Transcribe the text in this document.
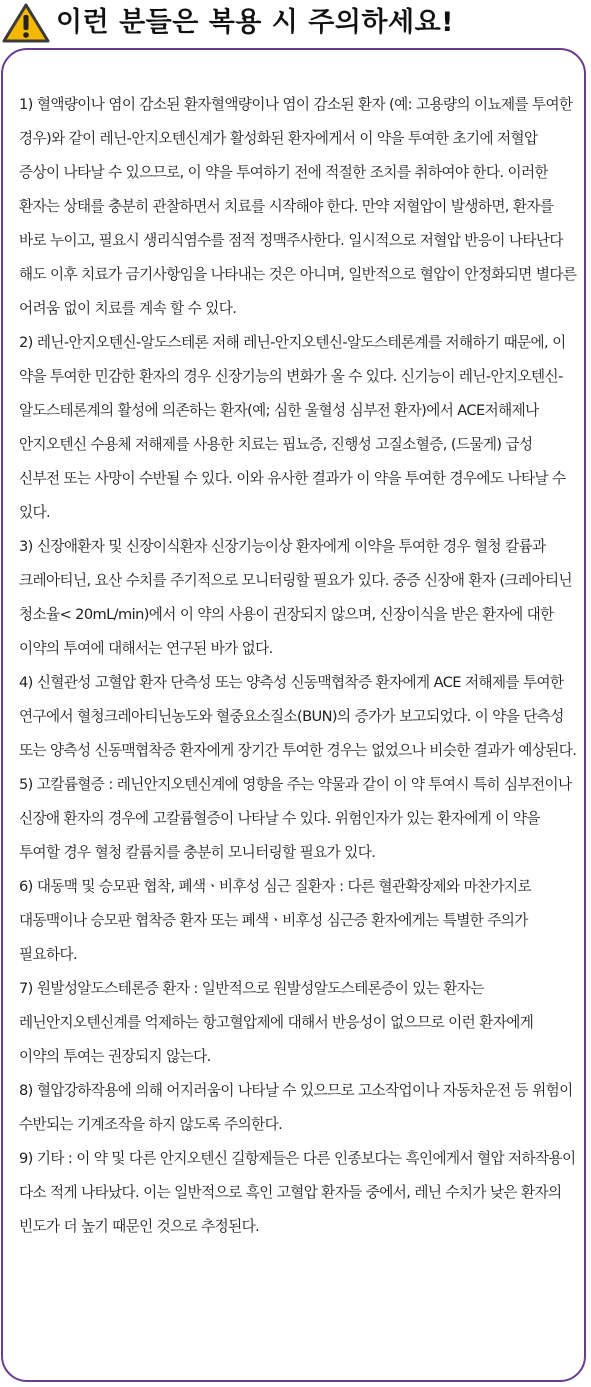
이런 분들은 복용 시 주의하세요!

1) 혈액량이나 염이 감소된 환자혈액량이나 염이 감소된 환자 (예: 고용량의 이뇨제를 투여한 경우)와 같이 레닌-안지오텐신계가 활성화된 환자에게서 이 약을 투여한 초기에 저혈압 증상이 나타날 수 있으므로, 이 약을 투여하기 전에 적절한 조치를 취하여야 한다. 이러한 환자는 상태를 충분히 관찰하면서 치료를 시작해야 한다. 만약 저혈압이 발생하면, 환자를 바로 누이고, 필요시 생리식염수를 점적 정맥주사한다. 일시적으로 저혈압 반응이 나타난다 해도 이후 치료가 금기사항임을 나타내는 것은 아니며, 일반적으로 혈압이 안정화되면 별다른 어려움 없이 치료를 계속 할 수 있다.

2) 레닌-안지오텐신-알도스테론 저해 레닌-안지오텐신-알도스테론계를 저해하기 때문에, 이 약을 투여한 민감한 환자의 경우 신장기능의 변화가 올 수 있다. 신기능이 레닌-안지오텐신-알도스테론계의 활성에 의존하는 환자(예; 심한 울혈성 심부전 환자)에서 ACE저해제나 안지오텐신 수용체 저해제를 사용한 치료는 핍뇨증, 진행성 고질소혈증, (드물게) 급성 신부전 또는 사망이 수반될 수 있다. 이와 유사한 결과가 이 약을 투여한 경우에도 나타날 수 있다.

3) 신장애환자 및 신장이식환자 신장기능이상 환자에게 이약을 투여한 경우 혈청 칼륨과 크레아티닌, 요산 수치를 주기적으로 모니터링할 필요가 있다. 중증 신장애 환자 (크레아티닌 청소율< 20mL/min)에서 이 약의 사용이 권장되지 않으며, 신장이식을 받은 환자에 대한 이약의 투여에 대해서는 연구된 바가 없다.

4) 신혈관성 고혈압 환자 단측성 또는 양측성 신동맥협착증 환자에게 ACE 저해제를 투여한 연구에서 혈청크레아티닌농도와 혈중요소질소(BUN)의 증가가 보고되었다. 이 약을 단측성 또는 양측성 신동맥협착증 환자에게 장기간 투여한 경우는 없었으나 비슷한 결과가 예상된다.

5) 고칼륨혈증 : 레닌안지오텐신계에 영향을 주는 약물과 같이 이 약 투여시 특히 심부전이나 신장애 환자의 경우에 고칼륨혈증이 나타날 수 있다. 위험인자가 있는 환자에게 이 약을 투여할 경우 혈청 칼륨치를 충분히 모니터링할 필요가 있다.

6) 대동맥 및 승모판 협착, 폐색ㆍ비후성 심근 질환자 : 다른 혈관확장제와 마찬가지로 대동맥이나 승모판 협착증 환자 또는 폐색ㆍ비후성 심근증 환자에게는 특별한 주의가 필요하다.

7) 원발성알도스테론증 환자 : 일반적으로 원발성알도스테론증이 있는 환자는 레닌안지오텐신계를 억제하는 항고혈압제에 대해서 반응성이 없으므로 이런 환자에게 이약의 투여는 권장되지 않는다.

8) 혈압강하작용에 의해 어지러움이 나타날 수 있으므로 고소작업이나 자동차운전 등 위험이 수반되는 기계조작을 하지 않도록 주의한다.

9) 기타 : 이 약 및 다른 안지오텐신 길항제들은 다른 인종보다는 흑인에게서 혈압 저하작용이 다소 적게 나타났다. 이는 일반적으로 흑인 고혈압 환자들 중에서, 레닌 수치가 낮은 환자의 빈도가 더 높기 때문인 것으로 추정된다.
